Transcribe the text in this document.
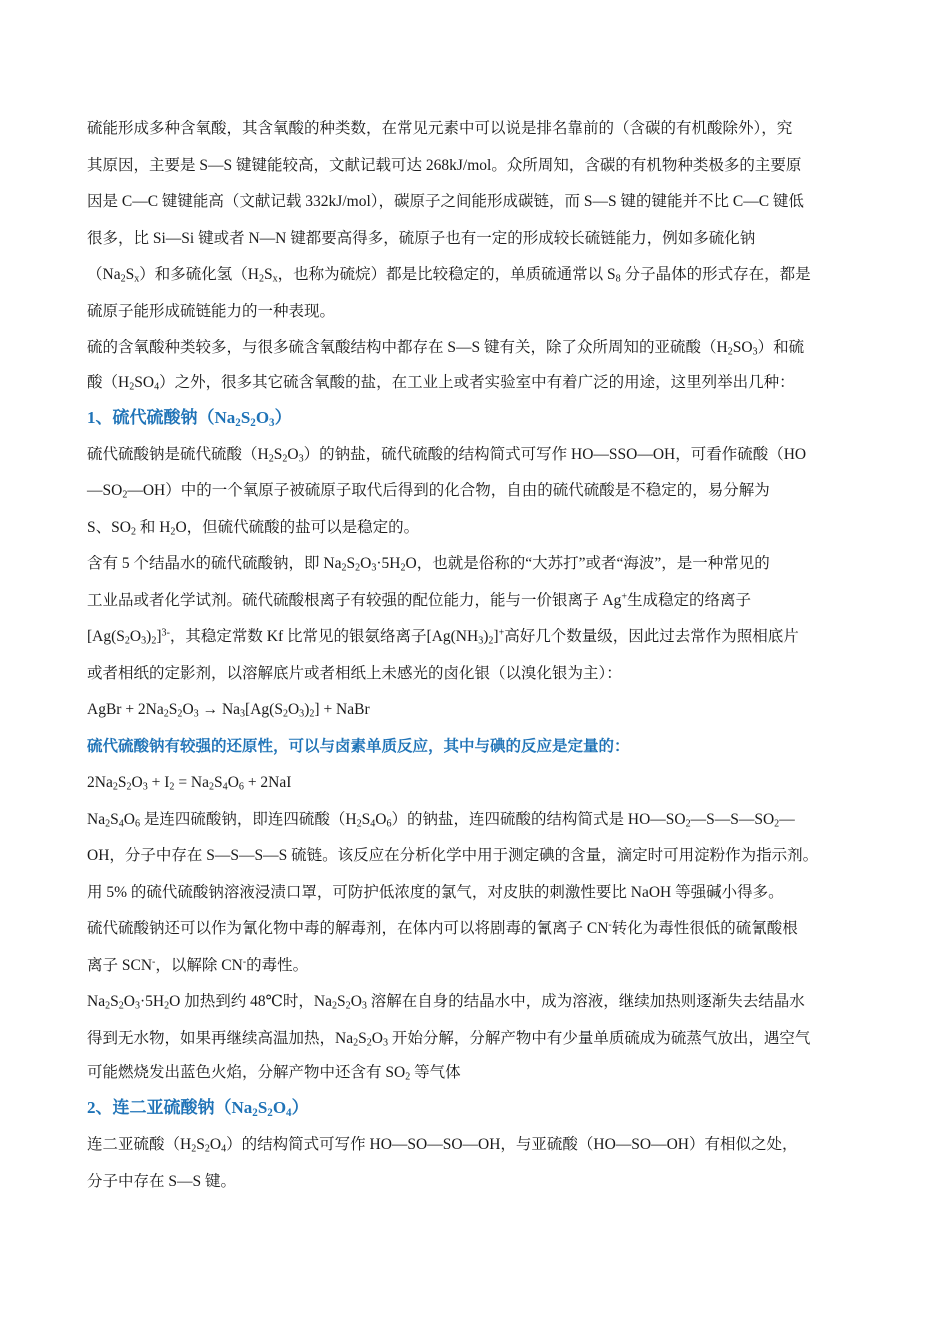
硫能形成多种含氧酸，其含氧酸的种类数，在常见元素中可以说是排名靠前的（含碳的有机酸除外），究
其原因，主要是 S—S 键键能较高，文献记载可达 268kJ/mol。众所周知，含碳的有机物种类极多的主要原
因是 C—C 键键能高（文献记载 332kJ/mol），碳原子之间能形成碳链，而 S—S 键的键能并不比 C—C 键低
很多，比 Si—Si 键或者 N—N 键都要高得多，硫原子也有一定的形成较长硫链能力，例如多硫化钠
$(Na_2S_x)$和多硫化氢（$H_2S_x$，也称为硫烷）都是比较稳定的，单质硫通常以 $S_8$ 分子晶体的形式存在，都是
硫原子能形成硫链能力的一种表现。
硫的含氧酸种类较多，与很多硫含氧酸结构中都存在 S—S 键有关，除了众所周知的亚硫酸$(H_2SO_3)$和硫
酸$(H_2SO_4)$之外，很多其它硫含氧酸的盐，在工业上或者实验室中有着广泛的用途，这里列举出几种：
1、硫代硫酸钠$(Na_2S_2O_3)$
硫代硫酸钠是硫代硫酸$(H_2S_2O_3)$的钠盐，硫代硫酸的结构简式可写作 HO—SSO—OH，可看作硫酸（HO
$—SO_2—OH$）中的一个氧原子被硫原子取代后得到的化合物，自由的硫代硫酸是不稳定的，易分解为
S、$SO_2$ 和 $H_2O$，但硫代硫酸的盐可以是稳定的。
含有 5 个结晶水的硫代硫酸钠，即 $Na_2S_2O_3\cdot 5H_2O$，也就是俗称的“大苏打”或者“海波”，是一种常见的
工业品或者化学试剂。硫代硫酸根离子有较强的配位能力，能与一价银离子 Ag+生成稳定的络离子
$[Ag(S_2O_3)_2]^{3-}$，其稳定常数 Kf 比常见的银氨络离子$[Ag(NH_3)_2]^+$高好几个数量级，因此过去常作为照相底片
或者相纸的定影剂，以溶解底片或者相纸上未感光的卤化银（以溴化银为主）：
AgBr + $2Na_2S_2O_3 \to Na_3[Ag(S_2O_3)_2]$ + NaBr
硫代硫酸钠有较强的还原性，可以与卤素单质反应，其中与碘的反应是定量的：
$2Na_2S_2O_3 + I_2 = Na_2S_4O_6 + 2NaI$
$Na_2S_4O_6$ 是连四硫酸钠，即连四硫酸$(H_2S_4O_6)$的钠盐，连四硫酸的结构简式是 $HO—SO_2—S—S—SO_2—$
OH，分子中存在 S—S—S—S 硫链。该反应在分析化学中用于测定碘的含量，滴定时可用淀粉作为指示剂。
用 5% 的硫代硫酸钠溶液浸渍口罩，可防护低浓度的氯气，对皮肤的刺激性要比 NaOH 等强碱小得多。
硫代硫酸钠还可以作为氰化物中毒的解毒剂，在体内可以将剧毒的氰离子 CN-转化为毒性很低的硫氰酸根
离子 SCN-，以解除 CN-的毒性。
$Na_2S_2O_3\cdot 5H_2O$ 加热到约 48℃时，$Na_2S_2O_3$ 溶解在自身的结晶水中，成为溶液，继续加热则逐渐失去结晶水
得到无水物，如果再继续高温加热，$Na_2S_2O_3$ 开始分解，分解产物中有少量单质硫成为硫蒸气放出，遇空气
可能燃烧发出蓝色火焰，分解产物中还含有 $SO_2$ 等气体
2、连二亚硫酸钠$(Na_2S_2O_4)$
连二亚硫酸$(H_2S_2O_4)$的结构简式可写作 HO—SO—SO—OH，与亚硫酸（HO—SO—OH）有相似之处，
分子中存在 S—S 键。
